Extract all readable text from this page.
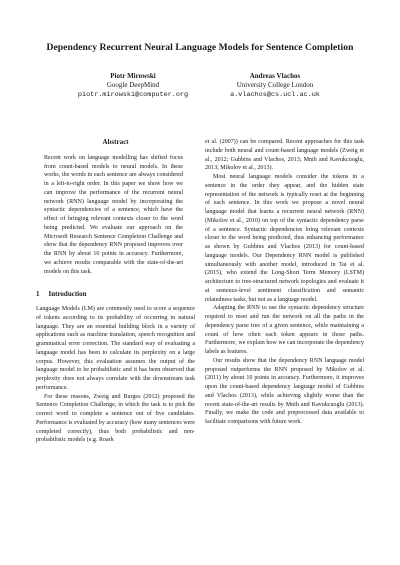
Dependency Recurrent Neural Language Models for Sentence Completion
Piotr Mirowski
Google DeepMind
piotr.mirowski@computer.org
Andreas Vlachos
University College London
a.vlachos@cs.ucl.ac.uk
Abstract

Recent work on language modelling has shifted focus from count-based models to neural models. In these works, the words in each sentence are always considered in a left-to-right order. In this paper we show how we can improve the performance of the recurrent neural network (RNN) language model by incorporating the syntactic dependencies of a sentence, which have the effect of bringing relevant contexts closer to the word being predicted. We evaluate our approach on the Microsoft Research Sentence Completion Challenge and show that the dependency RNN proposed improves over the RNN by about 10 points in accuracy. Furthermore, we achieve results comparable with the state-of-the-art models on this task.

1 Introduction

Language Models (LM) are commonly used to score a sequence of tokens according to its probability of occurring in natural language. They are an essential building block in a variety of applications such as machine translation, speech recognition and grammatical error correction. The standard way of evaluating a language model has been to calculate its perplexity on a large corpus. However, this evaluation assumes the output of the language model to be probabilistic and it has been observed that perplexity does not always correlate with the downstream task performance.

For these reasons, Zweig and Burges (2012) proposed the Sentence Completion Challenge, in which the task is to pick the correct word to complete a sentence out of five candidates. Performance is evaluated by accuracy (how many sentences were completed correctly), thus both probabilistic and non-probabilistic models (e.g. Roark

et al. (2007)) can be compared. Recent approaches for this task include both neural and count-based language models (Zweig et al., 2012; Gubbins and Vlachos, 2013; Mnih and Kavukcuoglu, 2013; Mikolov et al., 2013).

Most neural language models consider the tokens in a sentence in the order they appear, and the hidden state representation of the network is typically reset at the beginning of each sentence. In this work we propose a novel neural language model that learns a recurrent neural network (RNN) (Mikolov et al., 2010) on top of the syntactic dependency parse of a sentence. Syntactic dependencies bring relevant contexts closer to the word being predicted, thus enhancing performance as shown by Gubbins and Vlachos (2013) for count-based language models. Our Dependency RNN model is published simultaneously with another model, introduced in Tai et al. (2015), who extend the Long-Short Term Memory (LSTM) architecture to tree-structured network topologies and evaluate it at sentence-level sentiment classification and semantic relatedness tasks, but not as a language model.

Adapting the RNN to use the syntactic dependency structure required to reset and run the network on all the paths in the dependency parse tree of a given sentence, while maintaining a count of how often each token appears in those paths. Furthermore, we explain how we can incorporate the dependency labels as features.

Our results show that the dependency RNN language model proposed outperforms the RNN proposed by Mikolov et al. (2011) by about 10 points in accuracy. Furthermore, it improves upon the count-based dependency language model of Gubbins and Vlachos (2013), while achieving slightly worse than the recent state-of-the-art results by Mnih and Kavukcuoglu (2013). Finally, we make the code and preprocessed data available to facilitate comparisons with future work.
